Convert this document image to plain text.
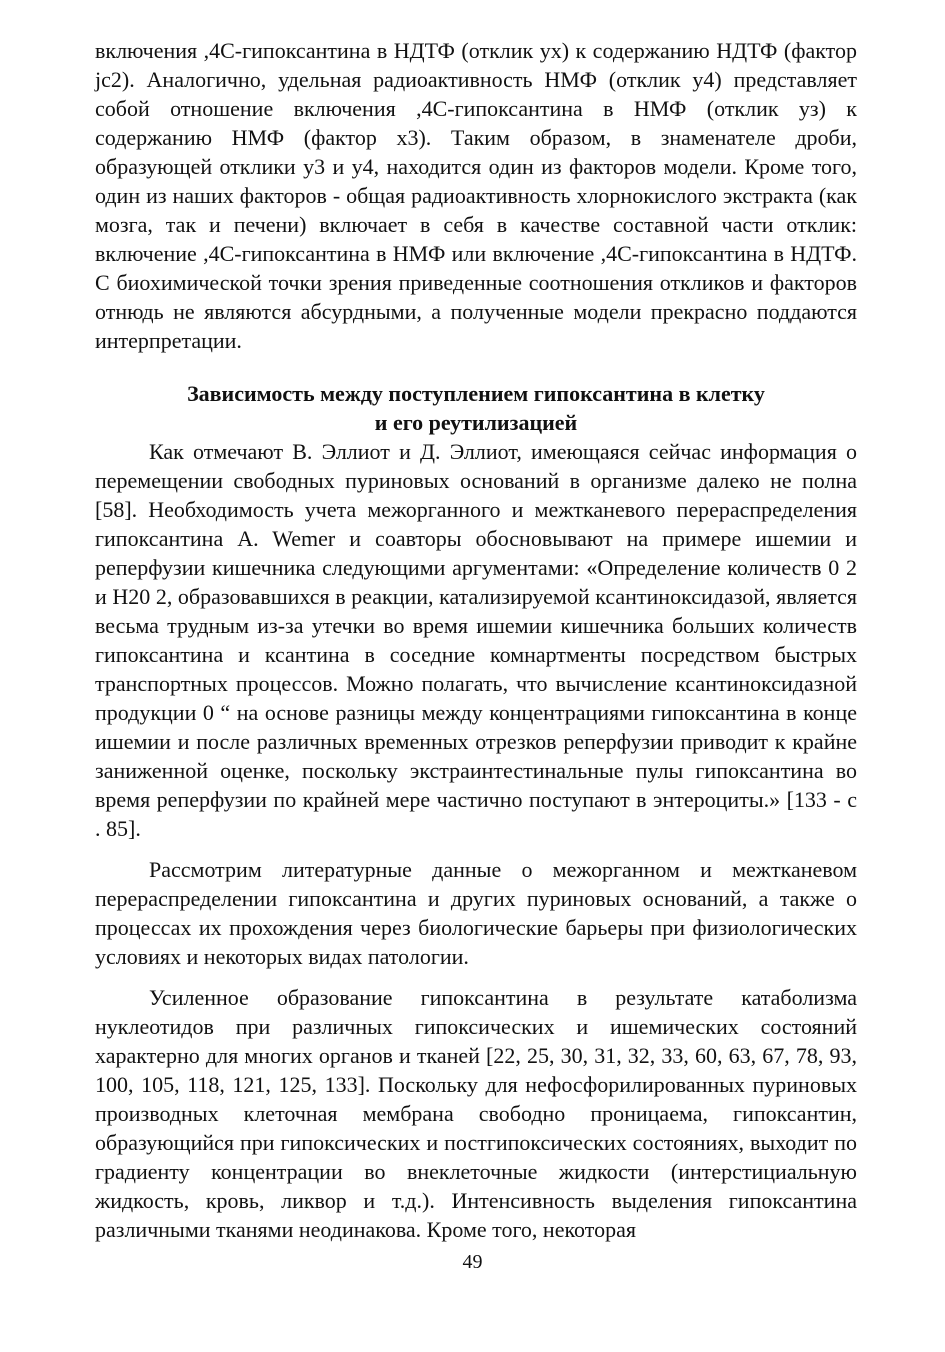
включения ,4С-гипоксантина в НДТФ (отклик ух) к содержанию НДТФ (фактор jc2). Аналогично, удельная радиоактивность НМФ (отклик у4) представляет собой отношение включения ,4С-гипоксантина в НМФ (отклик уз) к содержанию НМФ (фактор х3). Таким образом, в знаменателе дроби, образующей отклики у3 и у4, находится один из факторов модели. Кроме того, один из наших факторов - общая радиоактивность хлорнокислого экстракта (как мозга, так и печени) включает в себя в качестве составной части отклик: включение ,4С-гипоксантина в НМФ или включение ,4С-гипоксантина в НДТФ. С биохимической точки зрения приведенные соотношения откликов и факторов отнюдь не являются абсурдными, а полученные модели прекрасно поддаются интерпретации.

Зависимость между поступлением гипоксантина в клетку
и его реутилизацией

Как отмечают В. Эллиот и Д. Эллиот, имеющаяся сейчас информация о перемещении свободных пуриновых оснований в организме далеко не полна [58]. Необходимость учета межорганного и межтканевого перераспределения гипоксантина A. Wemer и соавторы обосновывают на примере ишемии и реперфузии кишечника следующими аргументами: «Определение количеств 0 2 и Н20 2, образовавшихся в реакции, катализируемой ксантиноксидазой, является весьма трудным из-за утечки во время ишемии кишечника больших количеств гипоксантина и ксантина в соседние комнартменты посредством быстрых транспортных процессов. Можно полагать, что вычисление ксантиноксидазной продукции 0 “ на основе разницы между концентрациями гипоксантина в конце ишемии и после различных временных отрезков реперфузии приводит к крайне заниженной оценке, поскольку экстраинтестинальные пулы гипоксантина во время реперфузии по крайней мере частично поступают в энтероциты.» [133 - с . 85].

Рассмотрим литературные данные о межорганном и межтканевом перераспределении гипоксантина и других пуриновых оснований, а также о процессах их прохождения через биологические барьеры при физиологических условиях и некоторых видах патологии.

Усиленное образование гипоксантина в результате катаболизма нуклеотидов при различных гипоксических и ишемических состояний характерно для многих органов и тканей [22, 25, 30, 31, 32, 33, 60, 63, 67, 78, 93, 100, 105, 118, 121, 125, 133]. Поскольку для нефосфорилированных пуриновых производных клеточная мембрана свободно проницаема, гипоксантин, образующийся при гипоксических и постгипоксических состояниях, выходит по градиенту концентрации во внеклеточные жидкости (интерстициальную жидкость, кровь, ликвор и т.д.). Интенсивность выделения гипоксантина различными тканями неодинакова. Кроме того, некоторая

49
